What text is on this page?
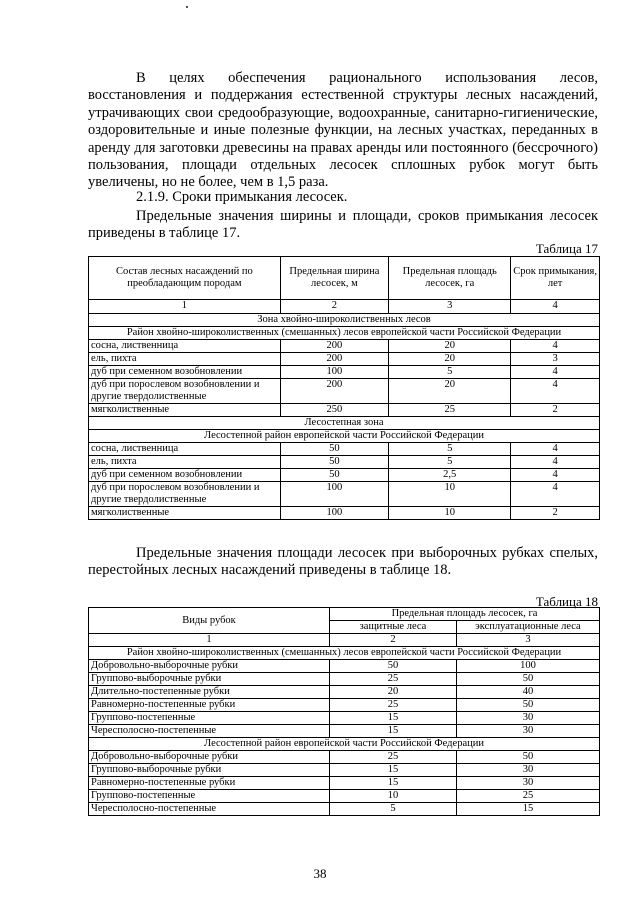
В целях обеспечения рационального использования лесов, восстановления и поддержания естественной структуры лесных насаждений, утрачивающих свои средообразующие, водоохранные, санитарно-гигиенические, оздоровительные и иные полезные функции, на лесных участках, переданных в аренду для заготовки древесины на правах аренды или постоянного (бессрочного) пользования, площади отдельных лесосек сплошных рубок могут быть увеличены, но не более, чем в 1,5 раза.
2.1.9. Сроки примыкания лесосек.
Предельные значения ширины и площади, сроков примыкания лесосек приведены в таблице 17.
Таблица 17
Состав лесных насаждений по преобладающим породам	Предельная ширина лесосек, м	Предельная площадь лесосек, га	Срок примыкания, лет
1	2	3	4
Зона хвойно-широколиственных лесов			
Район хвойно-широколиственных (смешанных) лесов европейской части Российской Федерации			
сосна, лиственница	200	20	4
ель, пихта	200	20	3
дуб при семенном возобновлении	100	5	4
дуб при порослевом возобновлении и другие твердолиственные	200	20	4
мягколиственные	250	25	2
Лесостепная зона			
Лесостепной район европейской части Российской Федерации			
сосна, лиственница	50	5	4
ель, пихта	50	5	4
дуб при семенном возобновлении	50	2,5	4
дуб при порослевом возобновлении и другие твердолиственные	100	10	4
мягколиственные	100	10	2
Предельные значения площади лесосек при выборочных рубках спелых, перестойных лесных насаждений приведены в таблице 18.
Таблица 18
Виды рубок	Предельная площадь лесосек, га	
	защитные леса	эксплуатационные леса
1	2	3
Район хвойно-широколиственных (смешанных) лесов европейской части Российской Федерации		
Добровольно-выборочные рубки	50	100
Группово-выборочные рубки	25	50
Длительно-постепенные рубки	20	40
Равномерно-постепенные рубки	25	50
Группово-постепенные	15	30
Чересполосно-постепенные	15	30
Лесостепной район европейской части Российской Федерации		
Добровольно-выборочные рубки	25	50
Группово-выборочные рубки	15	30
Равномерно-постепенные рубки	15	30
Группово-постепенные	10	25
Чересполосно-постепенные	5	15
38
